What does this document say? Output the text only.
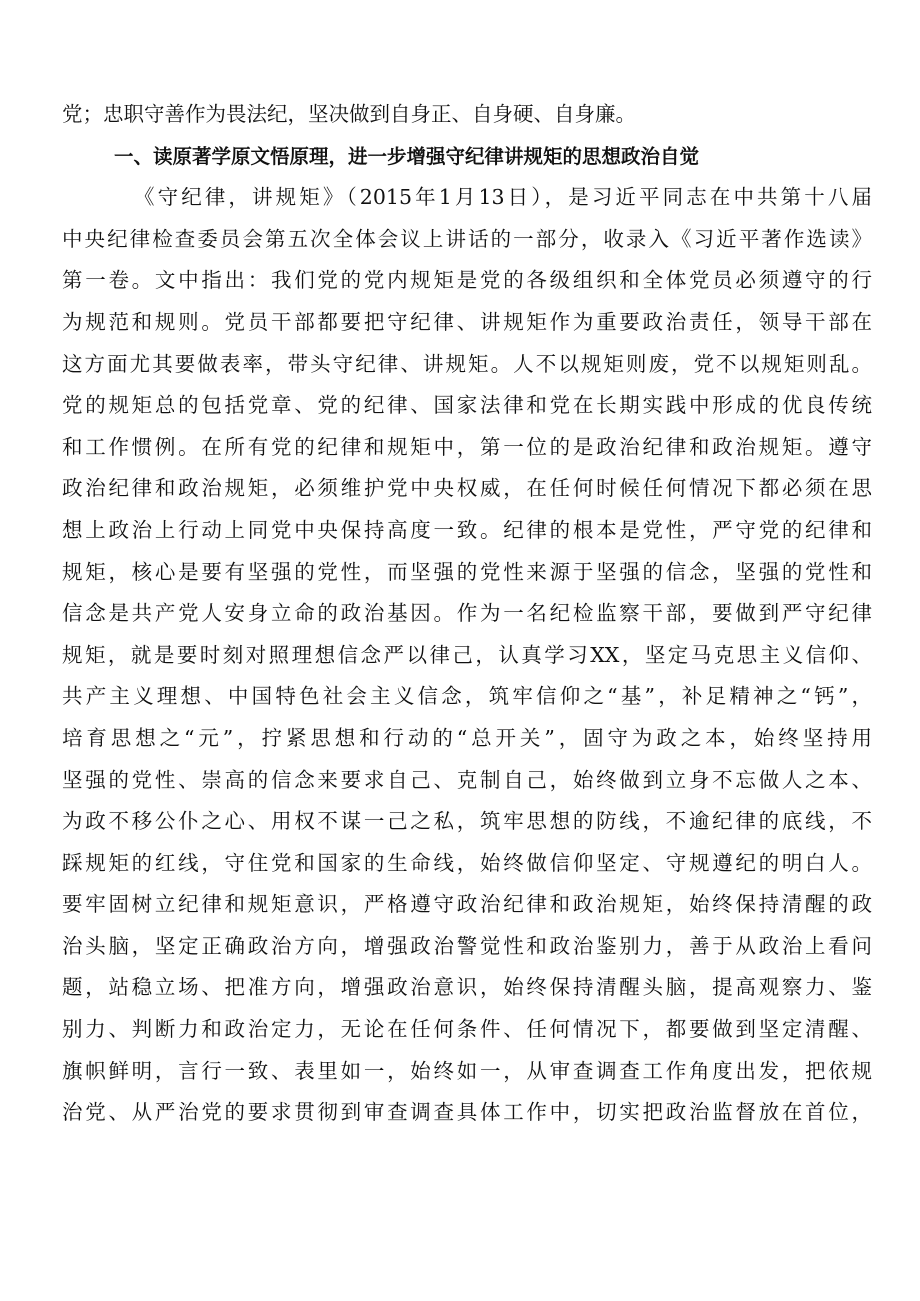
党；忠职守善作为畏法纪，坚决做到自身正、自身硬、自身廉。
一、读原著学原文悟原理，进一步增强守纪律讲规矩的思想政治自觉
《守纪律，讲规矩》（2015年1月13日），是习近平同志在中共第十八届
中央纪律检查委员会第五次全体会议上讲话的一部分，收录入《习近平著作选读》
第一卷。文中指出：我们党的党内规矩是党的各级组织和全体党员必须遵守的行
为规范和规则。党员干部都要把守纪律、讲规矩作为重要政治责任，领导干部在
这方面尤其要做表率，带头守纪律、讲规矩。人不以规矩则废，党不以规矩则乱。
党的规矩总的包括党章、党的纪律、国家法律和党在长期实践中形成的优良传统
和工作惯例。在所有党的纪律和规矩中，第一位的是政治纪律和政治规矩。遵守
政治纪律和政治规矩，必须维护党中央权威，在任何时候任何情况下都必须在思
想上政治上行动上同党中央保持高度一致。纪律的根本是党性，严守党的纪律和
规矩，核心是要有坚强的党性，而坚强的党性来源于坚强的信念，坚强的党性和
信念是共产党人安身立命的政治基因。作为一名纪检监察干部，要做到严守纪律
规矩，就是要时刻对照理想信念严以律己，认真学习XX，坚定马克思主义信仰、
共产主义理想、中国特色社会主义信念，筑牢信仰之“基”，补足精神之“钙”，
培育思想之“元”，拧紧思想和行动的“总开关”，固守为政之本，始终坚持用
坚强的党性、崇高的信念来要求自己、克制自己，始终做到立身不忘做人之本、
为政不移公仆之心、用权不谋一己之私，筑牢思想的防线，不逾纪律的底线，不
踩规矩的红线，守住党和国家的生命线，始终做信仰坚定、守规遵纪的明白人。
要牢固树立纪律和规矩意识，严格遵守政治纪律和政治规矩，始终保持清醒的政
治头脑，坚定正确政治方向，增强政治警觉性和政治鉴别力，善于从政治上看问
题，站稳立场、把准方向，增强政治意识，始终保持清醒头脑，提高观察力、鉴
别力、判断力和政治定力，无论在任何条件、任何情况下，都要做到坚定清醒、
旗帜鲜明，言行一致、表里如一，始终如一，从审查调查工作角度出发，把依规
治党、从严治党的要求贯彻到审查调查具体工作中，切实把政治监督放在首位，
